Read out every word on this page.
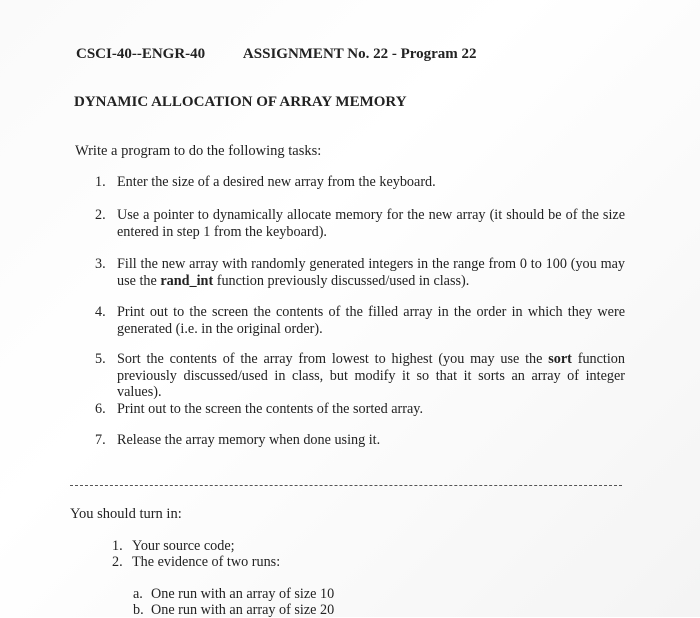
CSCI-40--ENGR-40	ASSIGNMENT No. 22 - Program 22
DYNAMIC ALLOCATION OF ARRAY MEMORY
Write a program to do the following tasks:
1. Enter the size of a desired new array from the keyboard.
2. Use a pointer to dynamically allocate memory for the new array (it should be of the size entered in step 1 from the keyboard).
3. Fill the new array with randomly generated integers in the range from 0 to 100 (you may use the rand_int function previously discussed/used in class).
4. Print out to the screen the contents of the filled array in the order in which they were generated (i.e. in the original order).
5. Sort the contents of the array from lowest to highest (you may use the sort function previously discussed/used in class, but modify it so that it sorts an array of integer values).
6. Print out to the screen the contents of the sorted array.
7. Release the array memory when done using it.
You should turn in:
1. Your source code;
2. The evidence of two runs:
a. One run with an array of size 10
b. One run with an array of size 20
